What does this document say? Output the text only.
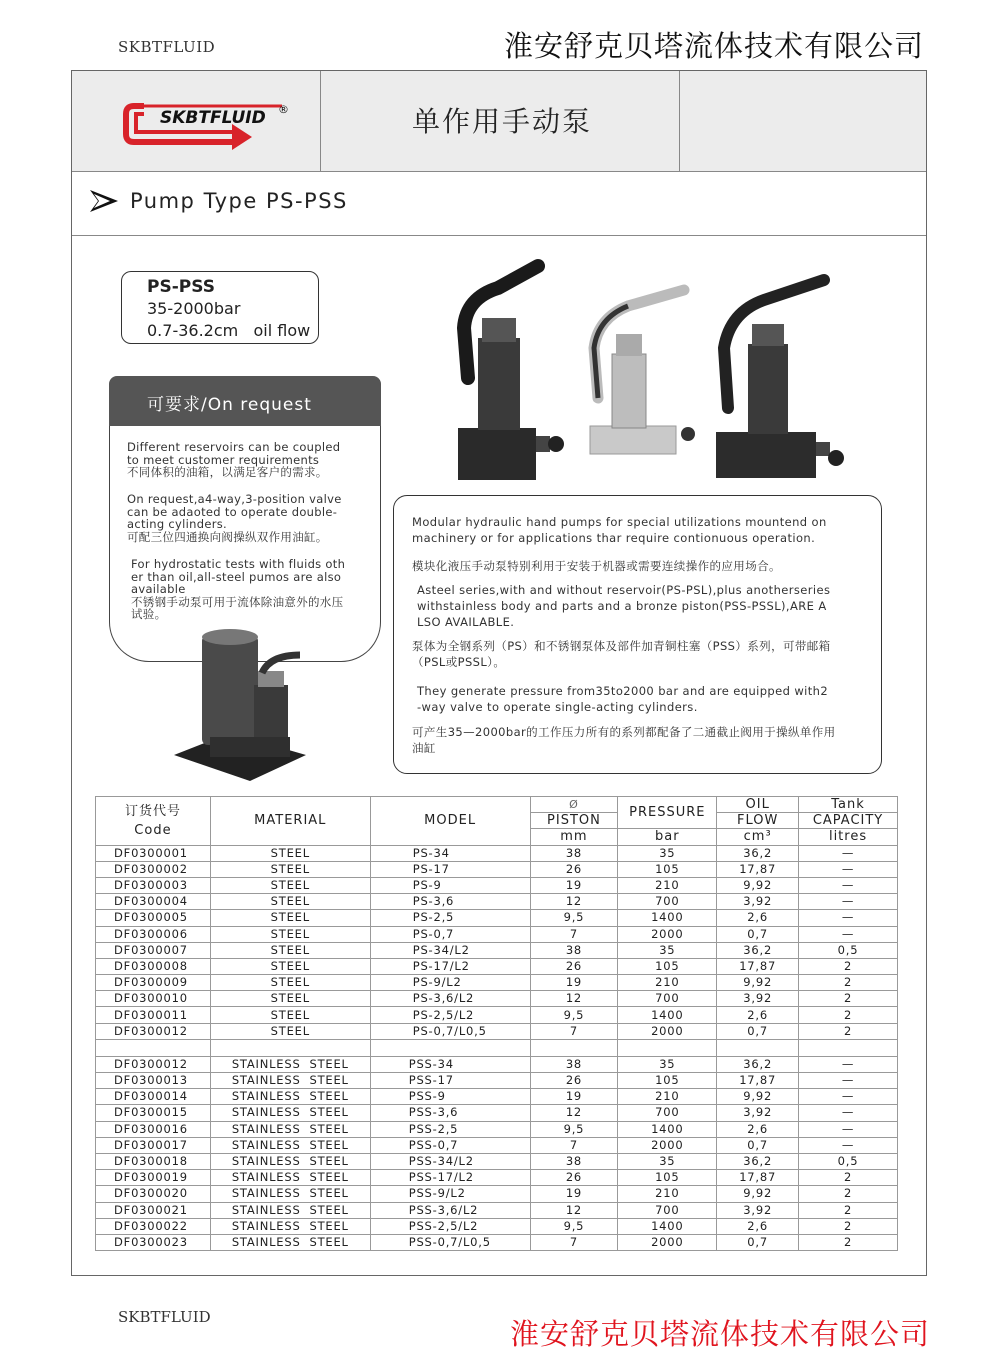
SKBTFLUID	淮安舒克贝塔流体技术有限公司
SKBTFLUID	淮安舒克贝塔流体技术有限公司
SKBTFLUID ®	单作用手动泵
Pump Type PS-PSS
PS-PSS
35-2000bar
0.7-36.2cm   oil flow
可要求/On request
Different reservoirs can be coupled
to meet customer requirements
不同体积的油箱，以满足客户的需求。
On request,a4-way,3-position valve
can be adaoted to operate double-
acting cylinders.
可配三位四通换向阀操纵双作用油缸。
For hydrostatic tests with fluids oth
er than oil,all-steel pumos are also
available
不锈钢手动泵可用于流体除油意外的水压
试验。
Modular hydraulic hand pumps for special utilizations mountend on
machinery or for applications thar require contionuous operation.
模块化液压手动泵特别利用于安装于机器或需要连续操作的应用场合。
Asteel series,with and without reservoir(PS-PSL),plus anotherseries
withstainless body and parts and a bronze piston(PSS-PSSL),ARE A
LSO AVAILABLE.
泵体为全钢系列（PS）和不锈钢泵体及部件加青铜柱塞（PSS）系列，可带邮箱
（PSL或PSSL）。
They generate pressure from35to2000 bar and are equipped with2
-way valve to operate single-acting cylinders.
可产生35—2000bar的工作压力所有的系列都配备了二通截止阀用于操纵单作用
油缸
订货代号
Code	MATERIAL	MODEL	Ø	PRESSURE	OIL	Tank
			PISTON		FLOW	CAPACITY
			mm	bar	cm³	litres
DF0300001	STEEL	PS-34	38	35	36,2	—
DF0300002	STEEL	PS-17	26	105	17,87	—
DF0300003	STEEL	PS-9	19	210	9,92	—
DF0300004	STEEL	PS-3,6	12	700	3,92	—
DF0300005	STEEL	PS-2,5	9,5	1400	2,6	—
DF0300006	STEEL	PS-0,7	7	2000	0,7	—
DF0300007	STEEL	PS-34/L2	38	35	36,2	0,5
DF0300008	STEEL	PS-17/L2	26	105	17,87	2
DF0300009	STEEL	PS-9/L2	19	210	9,92	2
DF0300010	STEEL	PS-3,6/L2	12	700	3,92	2
DF0300011	STEEL	PS-2,5/L2	9,5	1400	2,6	2
DF0300012	STEEL	PS-0,7/L0,5	7	2000	0,7	2

DF0300012	STAINLESS  STEEL	PSS-34	38	35	36,2	—
DF0300013	STAINLESS  STEEL	PSS-17	26	105	17,87	—
DF0300014	STAINLESS  STEEL	PSS-9	19	210	9,92	—
DF0300015	STAINLESS  STEEL	PSS-3,6	12	700	3,92	—
DF0300016	STAINLESS  STEEL	PSS-2,5	9,5	1400	2,6	—
DF0300017	STAINLESS  STEEL	PSS-0,7	7	2000	0,7	—
DF0300018	STAINLESS  STEEL	PSS-34/L2	38	35	36,2	0,5
DF0300019	STAINLESS  STEEL	PSS-17/L2	26	105	17,87	2
DF0300020	STAINLESS  STEEL	PSS-9/L2	19	210	9,92	2
DF0300021	STAINLESS  STEEL	PSS-3,6/L2	12	700	3,92	2
DF0300022	STAINLESS  STEEL	PSS-2,5/L2	9,5	1400	2,6	2
DF0300023	STAINLESS  STEEL	PSS-0,7/L0,5	7	2000	0,7	2
